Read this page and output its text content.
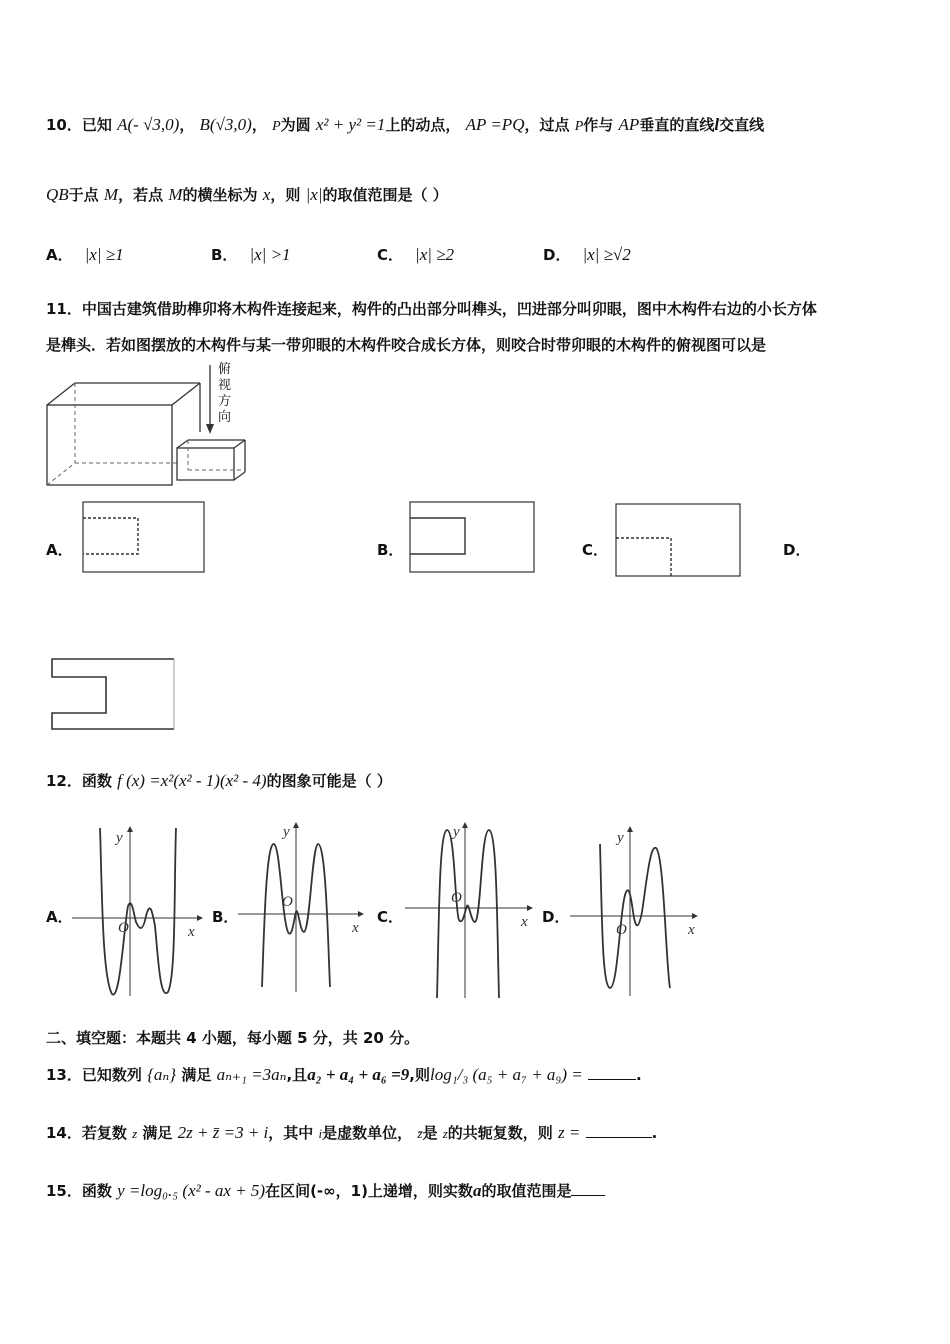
10．已知 A(- √3,0)， B(√3,0)， P为圆 x² + y² =1上的动点， AP =PQ，过点 P作与 AP垂直的直线l交直线
QB于点 M，若点 M的横坐标为 x，则 |x|的取值范围是（ ）
A． |x| ≥1	B． |x| >1	C． |x| ≥2	D． |x| ≥√2
11．中国古建筑借助榫卯将木构件连接起来，构件的凸出部分叫榫头，凹进部分叫卯眼，图中木构件右边的小长方体
是榫头．若如图摆放的木构件与某一带卯眼的木构件咬合成长方体，则咬合时带卯眼的木构件的俯视图可以是
俯
视
方
向
A．	B．	C．	D．
12．函数 f (x) =x²(x² - 1)(x² - 4)的图象可能是（ ）
A．	B．	C．	D．
y
x
O
y
x
O
y
x
O
y
x
O
二、填空题：本题共 4 小题，每小题 5 分，共 20 分。
13．已知数列 {aₙ} 满足 aₙ₊₁ =3aₙ,且a₂ + a₄ + a₆ =9,则log₁/₃ (a₅ + a₇ + a₉) =	.
14．若复数 z 满足 2z + z̄ =3 + i，其中 i是虚数单位， z̄是 z的共轭复数，则 z =	.
15．函数 y =log₀.₅ (x² - ax + 5)在区间(-∞，1)上递增，则实数a的取值范围是
